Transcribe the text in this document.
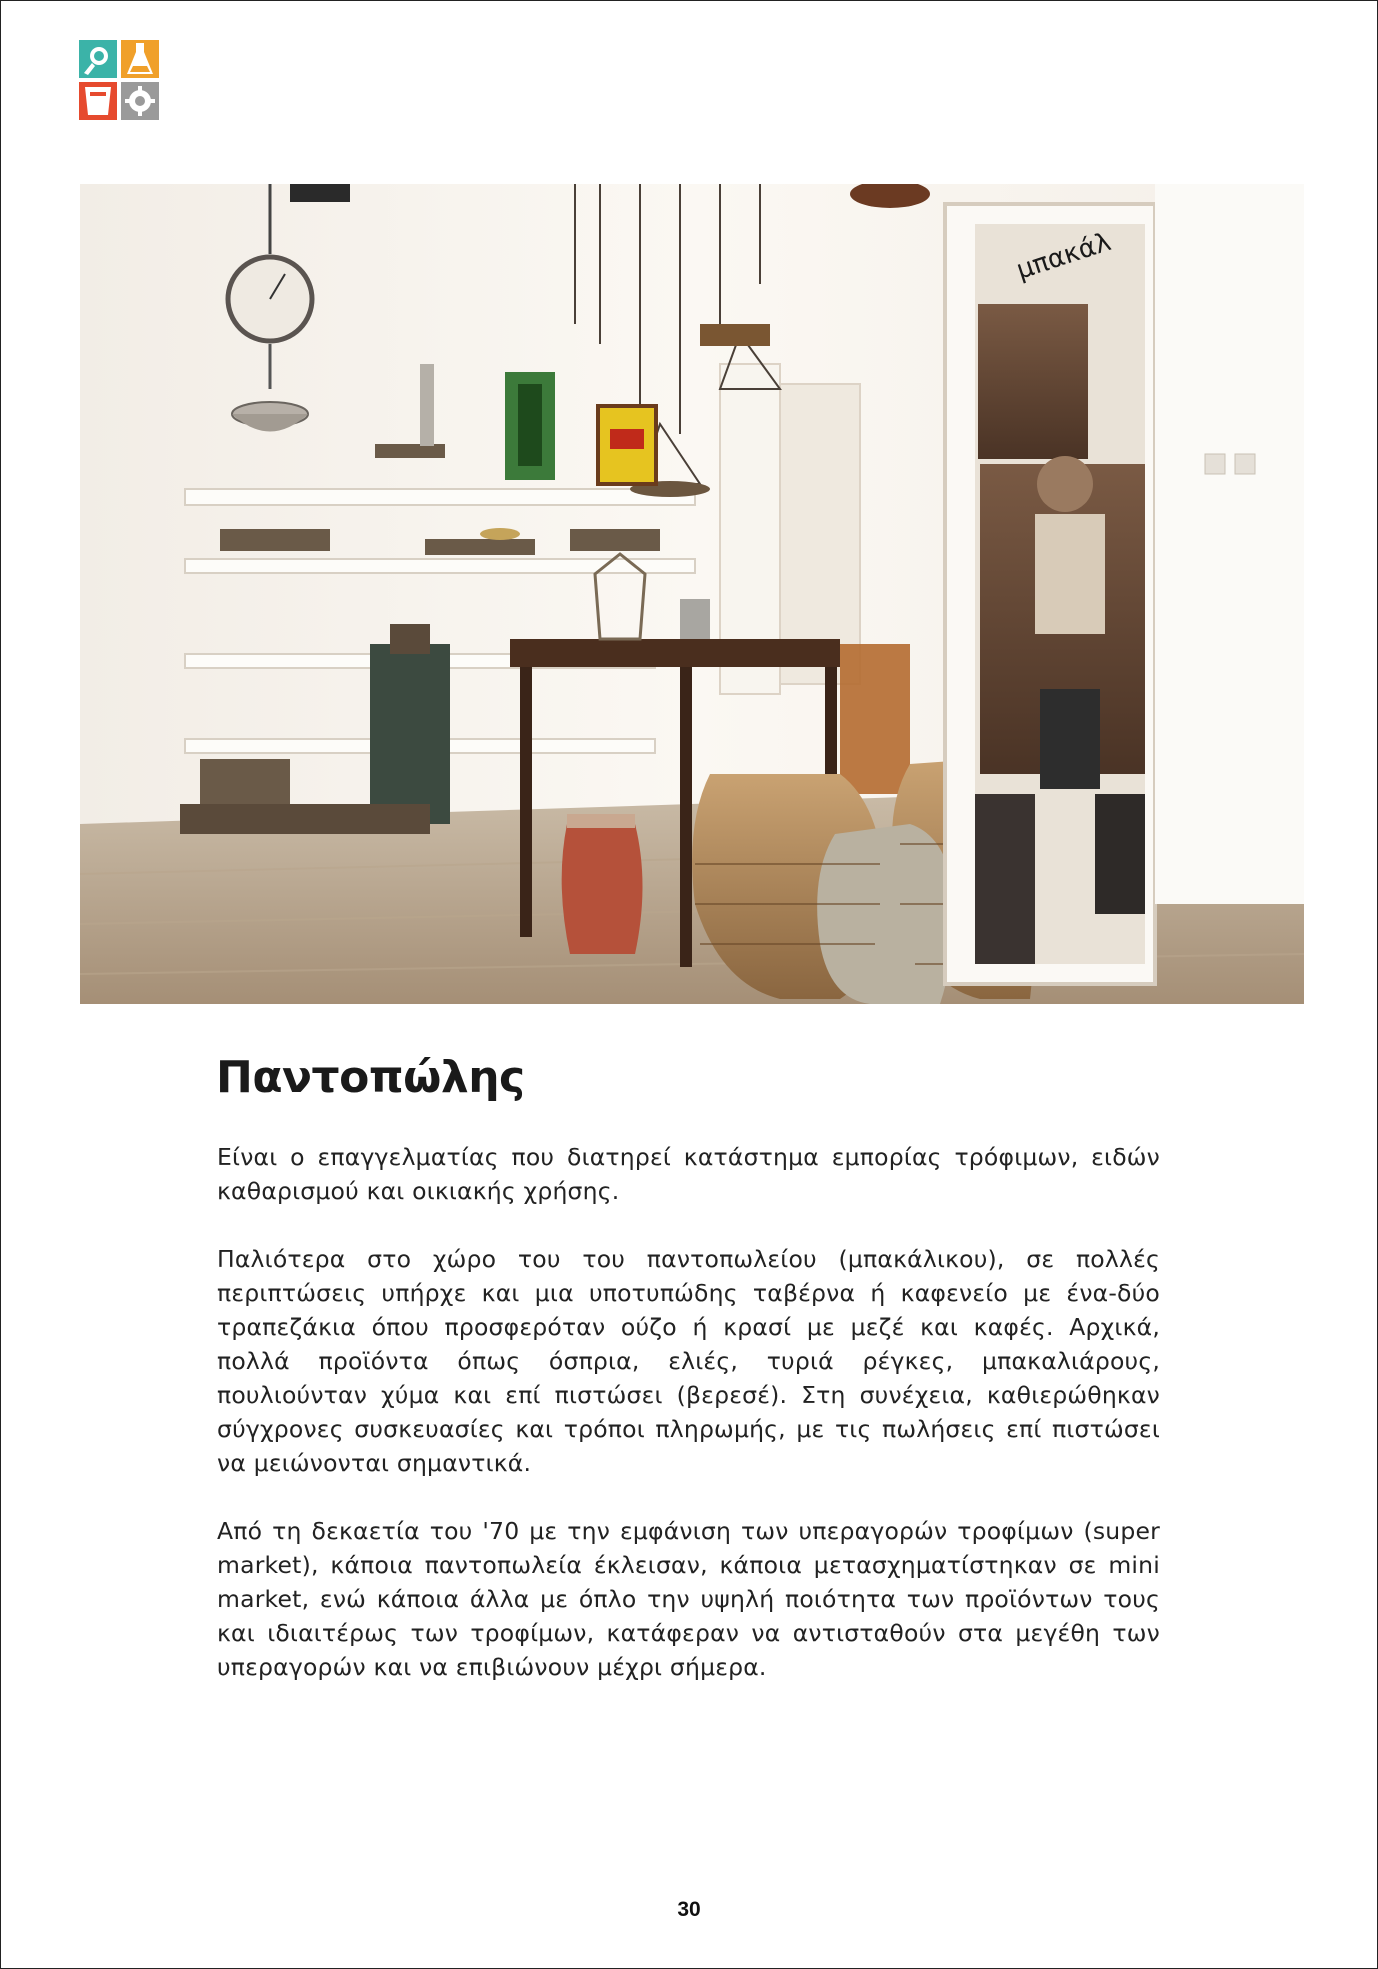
μπακάλ
Παντοπώλης

Είναι ο επαγγελματίας που διατηρεί κατάστημα εμπορίας τρόφιμων, ειδών καθαρισμού και οικιακής χρήσης.

Παλιότερα στο χώρο του του παντοπωλείου (μπακάλικου), σε πολλές περιπτώσεις υπήρχε και μια υποτυπώδης ταβέρνα ή καφενείο με ένα-δύο τραπεζάκια όπου προσφερόταν ούζο ή κρασί με μεζέ και καφές. Αρχικά, πολλά προϊόντα όπως όσπρια, ελιές, τυριά ρέγκες, μπακαλιάρους, πουλιούνταν χύμα και επί πιστώσει (βερεσέ). Στη συνέχεια, καθιερώθηκαν σύγχρονες συσκευασίες και τρόποι πληρωμής, με τις πωλήσεις επί πιστώσει να μειώνονται σημαντικά.

Από τη δεκαετία του '70 με την εμφάνιση των υπεραγορών τροφίμων (super market), κάποια παντοπωλεία έκλεισαν, κάποια μετασχηματίστηκαν σε mini market, ενώ κάποια άλλα με όπλο την υψηλή ποιότητα των προϊόντων τους και ιδιαιτέρως των τροφίμων, κατάφεραν να αντισταθούν στα μεγέθη των υπεραγορών και να επιβιώνουν μέχρι σήμερα.

30
